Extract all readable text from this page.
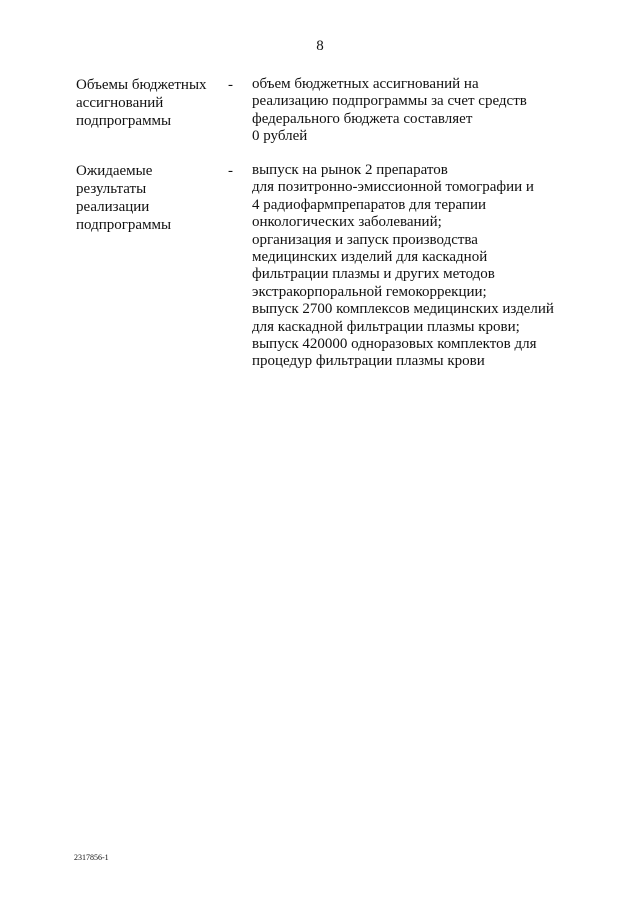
8
Объемы бюджетных
ассигнований
подпрограммы
- объем бюджетных ассигнований на
реализацию подпрограммы за счет средств
федерального бюджета составляет
0 рублей
Ожидаемые
результаты
реализации
подпрограммы
- выпуск на рынок 2 препаратов
для позитронно-эмиссионной томографии и
4 радиофармпрепаратов для терапии
онкологических заболеваний;
организация и запуск производства
медицинских изделий для каскадной
фильтрации плазмы и других методов
экстракорпоральной гемокоррекции;
выпуск 2700 комплексов медицинских изделий
для каскадной фильтрации плазмы крови;
выпуск 420000 одноразовых комплектов для
процедур фильтрации плазмы крови
2317856-1
